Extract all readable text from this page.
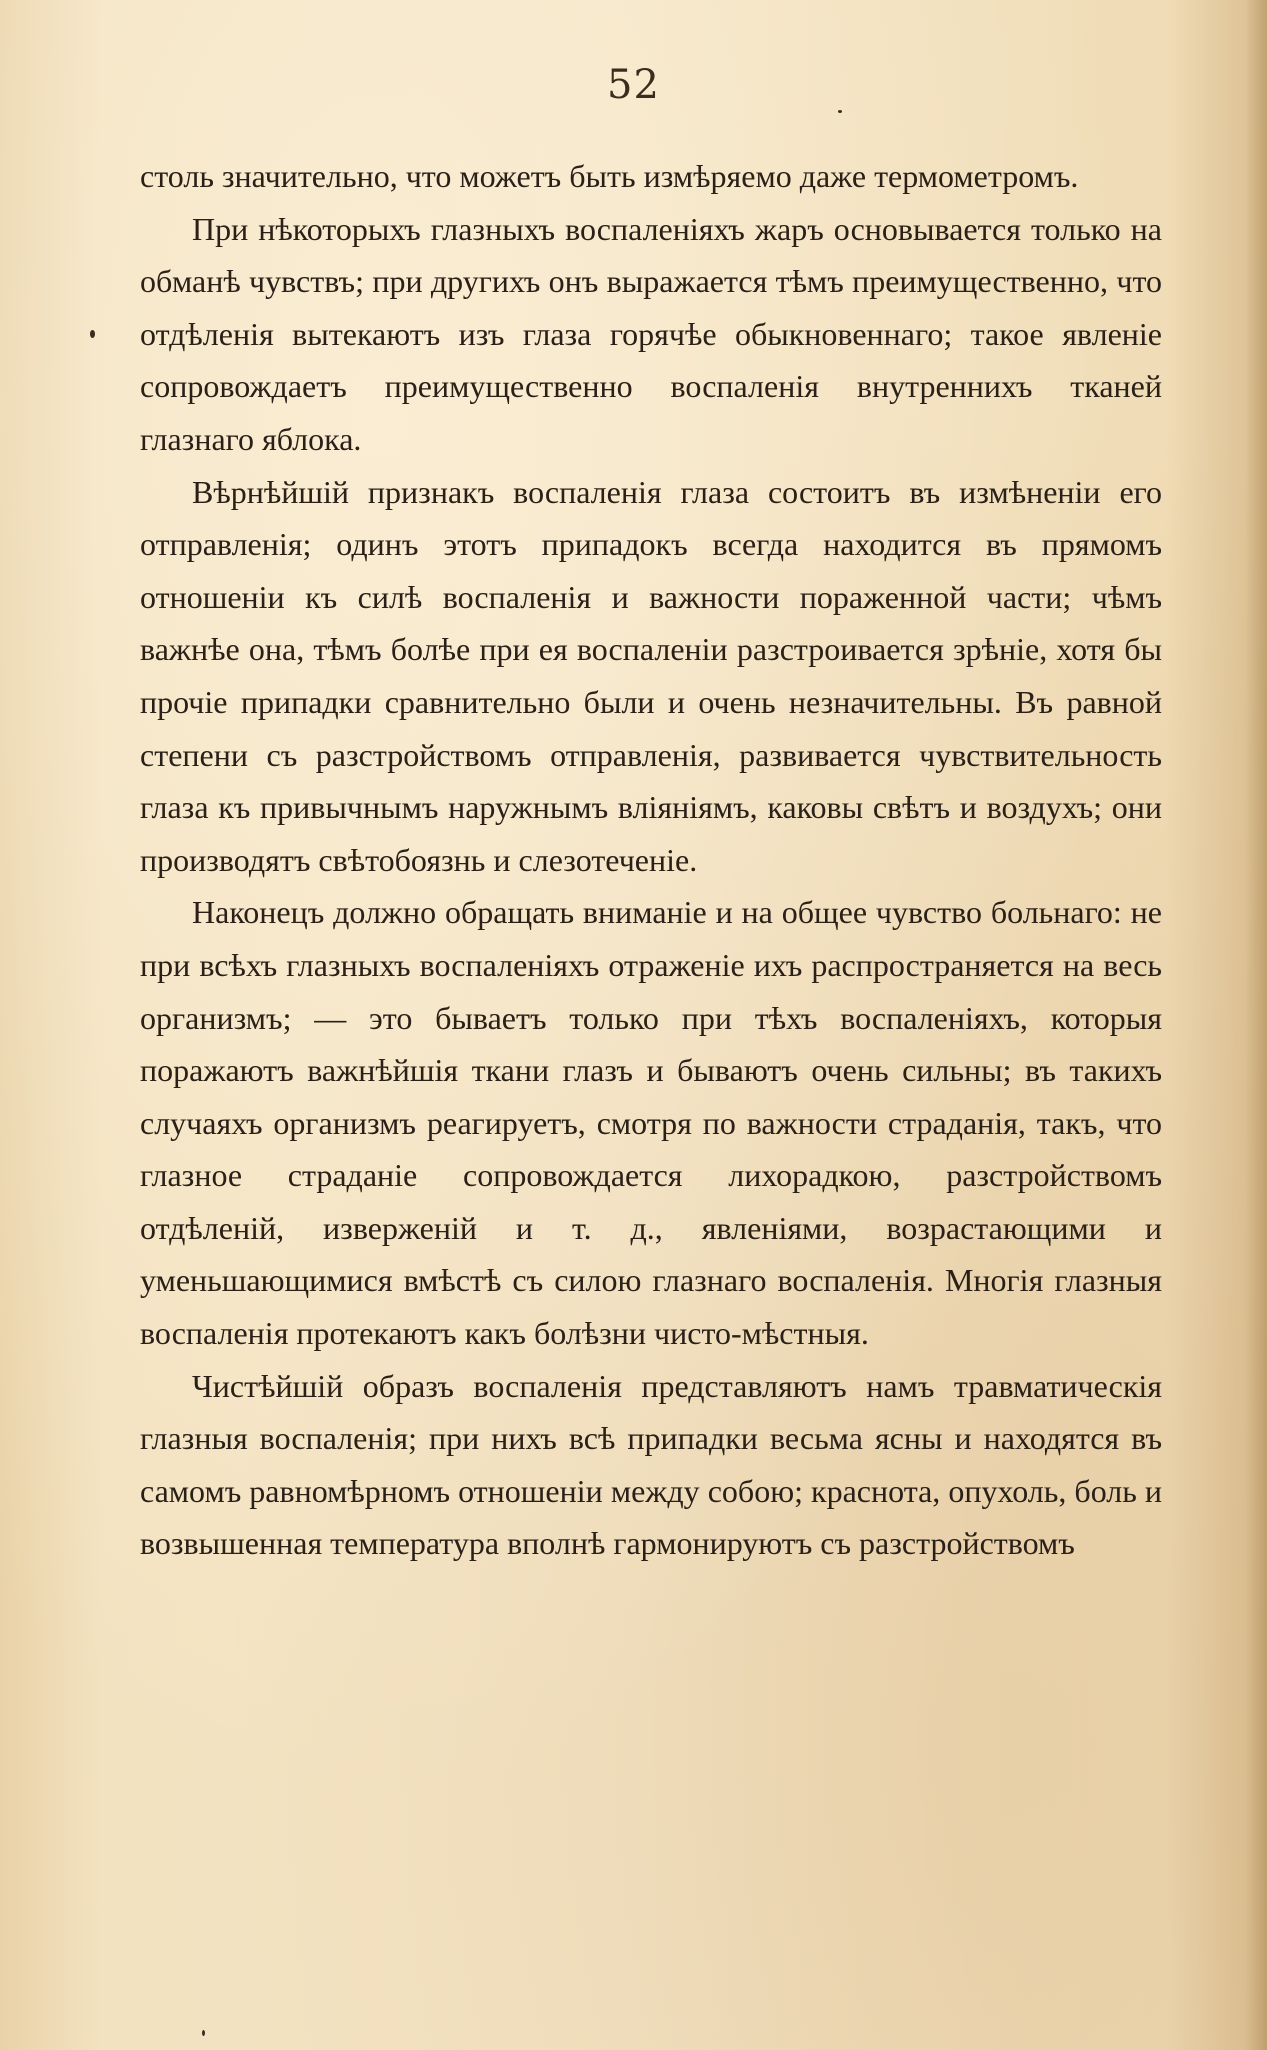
52

столь значительно, что можетъ быть измѣряемо даже термометромъ.

При нѣкоторыхъ глазныхъ воспаленіяхъ жаръ основывается только на обманѣ чувствъ; при другихъ онъ выражается тѣмъ преимущественно, что отдѣленія вытекаютъ изъ глаза горячѣе обыкновеннаго; такое явленіе сопровождаетъ преимущественно воспаленія внутреннихъ тканей глазнаго яблока.

Вѣрнѣйшій признакъ воспаленія глаза состоитъ въ измѣненіи его отправленія; одинъ этотъ припадокъ всегда находится въ прямомъ отношеніи къ силѣ воспаленія и важности пораженной части; чѣмъ важнѣе она, тѣмъ болѣе при ея воспаленіи разстроивается зрѣніе, хотя бы прочіе припадки сравнительно были и очень незначительны. Въ равной степени съ разстройствомъ отправленія, развивается чувствительность глаза къ привычнымъ наружнымъ вліяніямъ, каковы свѣтъ и воздухъ; они производятъ свѣтобоязнь и слезотеченіе.

Наконецъ должно обращать вниманіе и на общее чувство больнаго: не при всѣхъ глазныхъ воспаленіяхъ отраженіе ихъ распространяется на весь организмъ; — это бываетъ только при тѣхъ воспаленіяхъ, которыя поражаютъ важнѣйшія ткани глазъ и бываютъ очень сильны; въ такихъ случаяхъ организмъ реагируетъ, смотря по важности страданія, такъ, что глазное страданіе сопровождается лихорадкою, разстройствомъ отдѣленій, изверженій и т. д., явленіями, возрастающими и уменьшающимися вмѣстѣ съ силою глазнаго воспаленія. Многія глазныя воспаленія протекаютъ какъ болѣзни чисто-мѣстныя.

Чистѣйшій образъ воспаленія представляютъ намъ травматическія глазныя воспаленія; при нихъ всѣ припадки весьма ясны и находятся въ самомъ равномѣрномъ отношеніи между собою; краснота, опухоль, боль и возвышенная температура вполнѣ гармонируютъ съ разстройствомъ
